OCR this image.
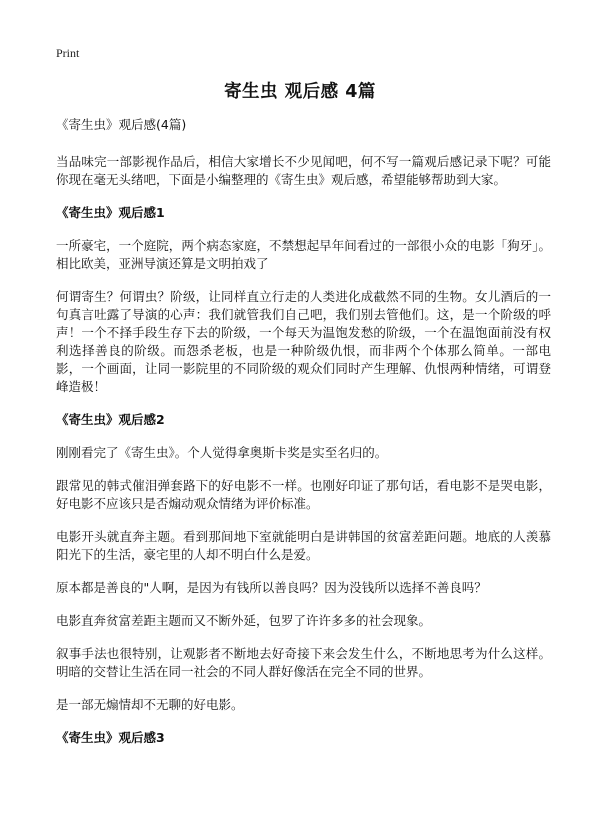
Print
寄生虫 观后感 4篇
《寄生虫》观后感(4篇)

当品味完一部影视作品后，相信大家增长不少见闻吧，何不写一篇观后感记录下呢？可能你现在毫无头绪吧，下面是小编整理的《寄生虫》观后感，希望能够帮助到大家。

《寄生虫》观后感1

一所豪宅，一个庭院，两个病态家庭，不禁想起早年间看过的一部很小众的电影「狗牙」。相比欧美，亚洲导演还算是文明拍戏了

何谓寄生？何谓虫？阶级，让同样直立行走的人类进化成截然不同的生物。女儿酒后的一句真言吐露了导演的心声：我们就管我们自己吧，我们别去管他们。这，是一个阶级的呼声！一个不择手段生存下去的阶级，一个每天为温饱发愁的阶级，一个在温饱面前没有权利选择善良的阶级。而怨杀老板，也是一种阶级仇恨，而非两个个体那么简单。一部电影，一个画面，让同一影院里的不同阶级的观众们同时产生理解、仇恨两种情绪，可谓登峰造极！

《寄生虫》观后感2

刚刚看完了《寄生虫》。个人觉得拿奥斯卡奖是实至名归的。

跟常见的韩式催泪弹套路下的好电影不一样。也刚好印证了那句话，看电影不是哭电影，好电影不应该只是否煽动观众情绪为评价标准。

电影开头就直奔主题。看到那间地下室就能明白是讲韩国的贫富差距问题。地底的人羡慕阳光下的生活，豪宅里的人却不明白什么是爱。

原本都是善良的"人啊，是因为有钱所以善良吗？因为没钱所以选择不善良吗？

电影直奔贫富差距主题而又不断外延，包罗了许许多多的社会现象。

叙事手法也很特别，让观影者不断地去好奇接下来会发生什么，不断地思考为什么这样。明暗的交替让生活在同一社会的不同人群好像活在完全不同的世界。

是一部无煽情却不无聊的好电影。

《寄生虫》观后感3
